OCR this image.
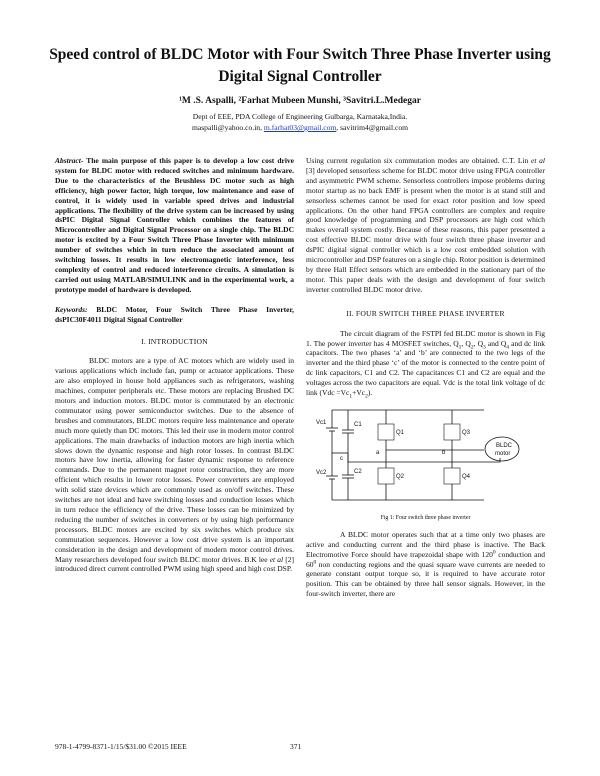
Speed control of BLDC Motor with Four Switch Three Phase Inverter using Digital Signal Controller
¹M .S. Aspalli, ²Farhat Mubeen Munshi, ³Savitri.L.Medegar
Dept of EEE, PDA College of Engineering Gulbarga, Karnataka,India.
maspalli@yahoo.co.in, m.farhat03@gmail.com, savitrim4@gmail.com

Abstract- The main purpose of this paper is to develop a low cost drive system for BLDC motor with reduced switches and minimum hardware. Due to the characteristics of the Brushless DC motor such as high efficiency, high power factor, high torque, low maintenance and ease of control, it is widely used in variable speed drives and industrial applications. The flexibility of the drive system can be increased by using dsPIC Digital Signal Controller which combines the features of Microcontroller and Digital Signal Processor on a single chip. The BLDC motor is excited by a Four Switch Three Phase Inverter with minimum number of switches which in turn reduce the associated amount of switching losses. It results in low electromagnetic interference, less complexity of control and reduced interference circuits. A simulation is carried out using MATLAB/SIMULINK and in the experimental work, a prototype model of hardware is developed.

Keywords: BLDC Motor, Four Switch Three Phase Inverter, dsPIC30F4011 Digital Signal Controller

I. INTRODUCTION

BLDC motors are a type of AC motors which are widely used in various applications which include fan, pump or actuator applications. These are also employed in house hold appliances such as refrigerators, washing machines, computer peripherals etc. These motors are replacing Brushed DC motors and induction motors. BLDC motor is commutated by an electronic commutator using power semiconductor switches. Due to the absence of brushes and commutators, BLDC motors require less maintenance and operate much more quietly than DC motors. This led their use in modern motor control applications. The main drawbacks of induction motors are high inertia which slows down the dynamic response and high rotor losses. In contrast BLDC motors have low inertia, allowing for faster dynamic response to reference commands. Due to the permanent magnet rotor construction, they are more efficient which results in lower rotor losses. Power converters are employed with solid state devices which are commonly used as on/off switches. These switches are not ideal and have switching losses and conduction losses which in turn reduce the efficiency of the drive. These losses can be minimized by reducing the number of switches in converters or by using high performance processors. BLDC motors are excited by six switches which produce six commutation sequences. However a low cost drive system is an important consideration in the design and development of modern motor control drives. Many researchers developed four switch BLDC motor drives. B.K lee et al [2] introduced direct current controlled PWM using high speed and high cost DSP.

Using current regulation six commutation modes are obtained. C.T. Lin et al [3] developed sensorless scheme for BLDC motor drive using FPGA controller and asymmetric PWM scheme. Sensorless controllers impose problems during motor startup as no back EMF is present when the motor is at stand still and sensorless schemes cannot be used for exact rotor position and low speed applications. On the other hand FPGA controllers are complex and require good knowledge of programming and DSP processors are high cost which makes overall system costly. Because of these reasons, this paper presented a cost effective BLDC motor drive with four switch three phase inverter and dsPIC digital signal controller which is a low cost embedded solution with microcontroller and DSP features on a single chip. Rotor position is determined by three Hall Effect sensors which are embedded in the stationary part of the motor. This paper deals with the design and development of four switch inverter controlled BLDC motor drive.

II. FOUR SWITCH THREE PHASE INVERTER

The circuit diagram of the FSTPI fed BLDC motor is shown in Fig 1. The power inverter has 4 MOSFET switches, $Q_1$, $Q_2$, $Q_3$ and $Q_4$ and dc link capacitors. The two phases ‘a’ and ‘b’ are connected to the two legs of the inverter and the third phase ‘c’ of the motor is connected to the centre point of dc link capacitors, C1 and C2. The capacitances C1 and C2 are equal and the voltages across the two capacitors are equal. Vdc is the total link voltage of dc link $(Vdc =Vc_1+Vc_2)$.

Vc1
Vc2
C1
C2
Q1
Q2
Q3
Q4
a	b
c
BLDC
motor
Fig 1: Four switch three phase inverter

A BLDC motor operates such that at a time only two phases are active and conducting current and the third phase is inactive. The Back Electromotive Force should have trapezoidal shape with $120^0$ conduction and $60^0$ non conducting regions and the quasi square wave currents are needed to generate constant output torque so, it is required to have accurate rotor position. This can be obtained by three hall sensor signals. However, in the four-switch inverter, there are

978-1-4799-8371-1/15/$31.00 ©2015 IEEE	371
